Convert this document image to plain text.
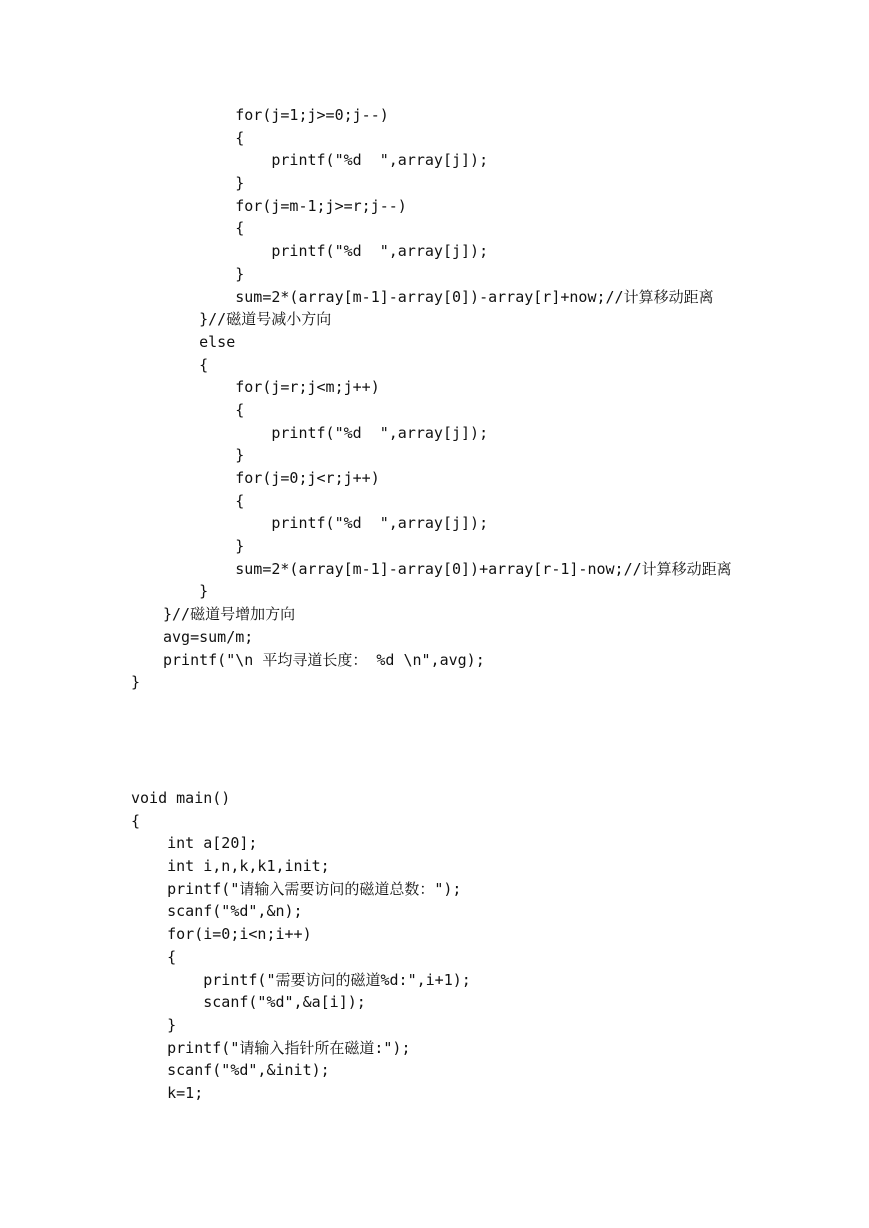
for(j=1;j>=0;j--)
{
printf("%d  ",array[j]);
}
for(j=m-1;j>=r;j--)
{
printf("%d  ",array[j]);
}
sum=2*(array[m-1]-array[0])-array[r]+now;//计算移动距离
}//磁道号减小方向
else
{
for(j=r;j<m;j++)
{
printf("%d  ",array[j]);
}
for(j=0;j<r;j++)
{
printf("%d  ",array[j]);
}
sum=2*(array[m-1]-array[0])+array[r-1]-now;//计算移动距离
}
}//磁道号增加方向
avg=sum/m;
printf("\n 平均寻道长度： %d \n",avg);
}
void main()
{
int a[20];
int i,n,k,k1,init;
printf("请输入需要访问的磁道总数：");
scanf("%d",&n);
for(i=0;i<n;i++)
{
printf("需要访问的磁道%d:",i+1);
scanf("%d",&a[i]);
}
printf("请输入指针所在磁道:");
scanf("%d",&init);
k=1;
